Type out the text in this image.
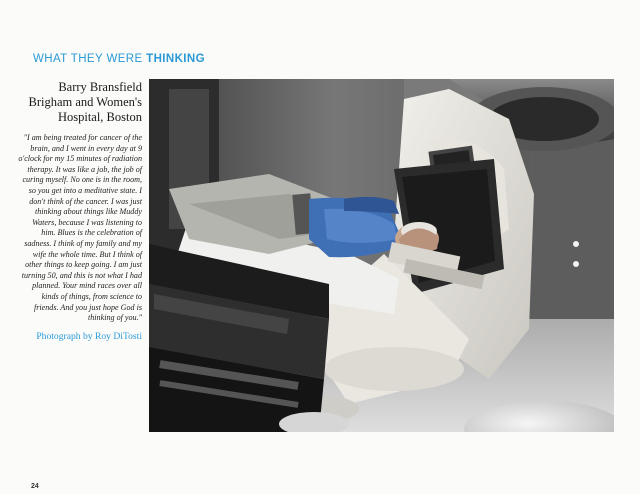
WHAT THEY WERE THINKING

Barry Bransfield
Brigham and Women's
Hospital, Boston

"I am being treated for cancer of the brain, and I went in every day at 9 o'clock for my 15 minutes of radiation therapy. It was like a job, the job of curing myself. No one is in the room, so you get into a meditative state. I don't think of the cancer. I was just thinking about things like Muddy Waters, because I was listening to him. Blues is the celebration of sadness. I think of my family and my wife the whole time. But I think of other things to keep going. I am just turning 50, and this is not what I had planned. Your mind races over all kinds of things, from science to friends. And you just hope God is thinking of you."
Photograph by Roy DiTosti
24
